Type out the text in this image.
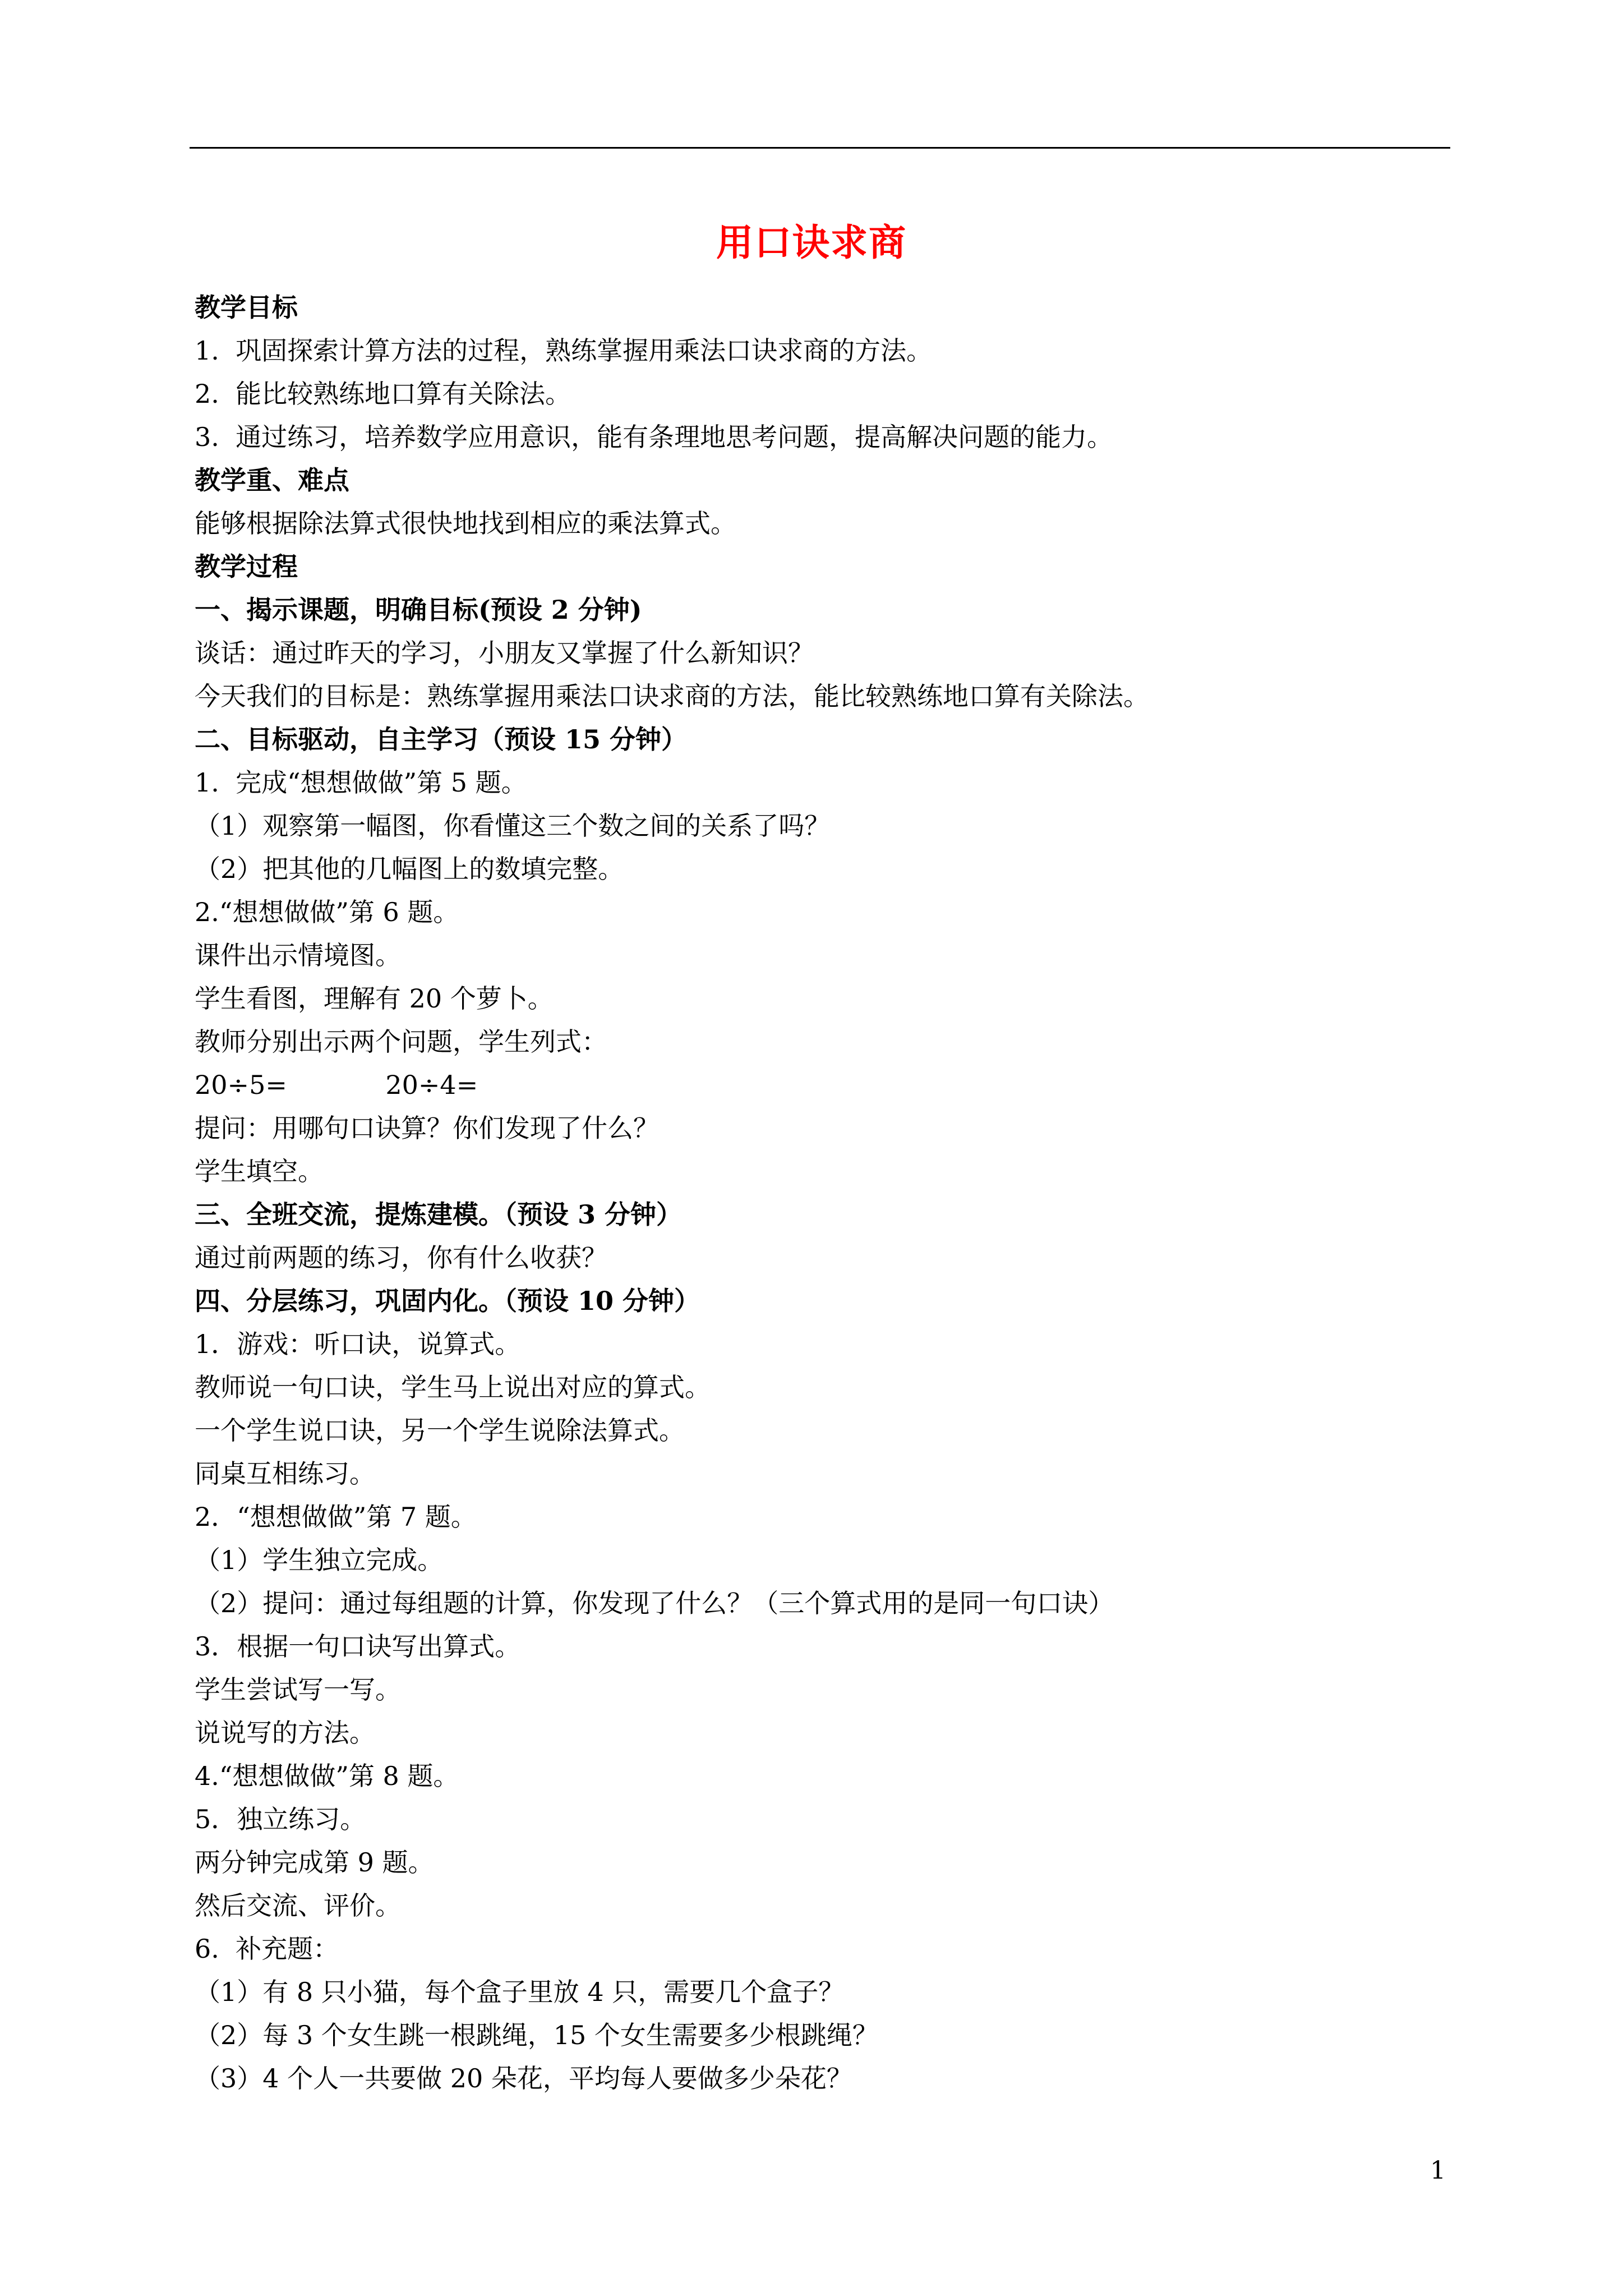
用口诀求商
教学目标
1.  巩固探索计算方法的过程，熟练掌握用乘法口诀求商的方法。
2.  能比较熟练地口算有关除法。
3.  通过练习，培养数学应用意识，能有条理地思考问题，提高解决问题的能力。
教学重、难点
能够根据除法算式很快地找到相应的乘法算式。
教学过程
一、揭示课题，明确目标(预设 2 分钟)
谈话：通过昨天的学习，小朋友又掌握了什么新知识？
今天我们的目标是：熟练掌握用乘法口诀求商的方法，能比较熟练地口算有关除法。
二、目标驱动，自主学习（预设 15 分钟）
1.  完成“想想做做”第 5 题。
（1）观察第一幅图，你看懂这三个数之间的关系了吗？
（2）把其他的几幅图上的数填完整。
2.“想想做做”第 6 题。
课件出示情境图。
学生看图，理解有 20 个萝卜。
教师分别出示两个问题，学生列式：
20÷5=            20÷4=
提问：用哪句口诀算？你们发现了什么？
学生填空。
三、全班交流，提炼建模。（预设 3 分钟）
通过前两题的练习，你有什么收获？
四、分层练习，巩固内化。（预设 10 分钟）
1．游戏：听口诀，说算式。
教师说一句口诀，学生马上说出对应的算式。
一个学生说口诀，另一个学生说除法算式。
同桌互相练习。
2．“想想做做”第 7 题。
（1）学生独立完成。
（2）提问：通过每组题的计算，你发现了什么？（三个算式用的是同一句口诀）
3．根据一句口诀写出算式。
学生尝试写一写。
说说写的方法。
4.“想想做做”第 8 题。
5．独立练习。
两分钟完成第 9 题。
然后交流、评价。
6.  补充题：
（1）有 8 只小猫，每个盒子里放 4 只，需要几个盒子？
（2）每 3 个女生跳一根跳绳，15 个女生需要多少根跳绳？
（3）4 个人一共要做 20 朵花，平均每人要做多少朵花？
1
